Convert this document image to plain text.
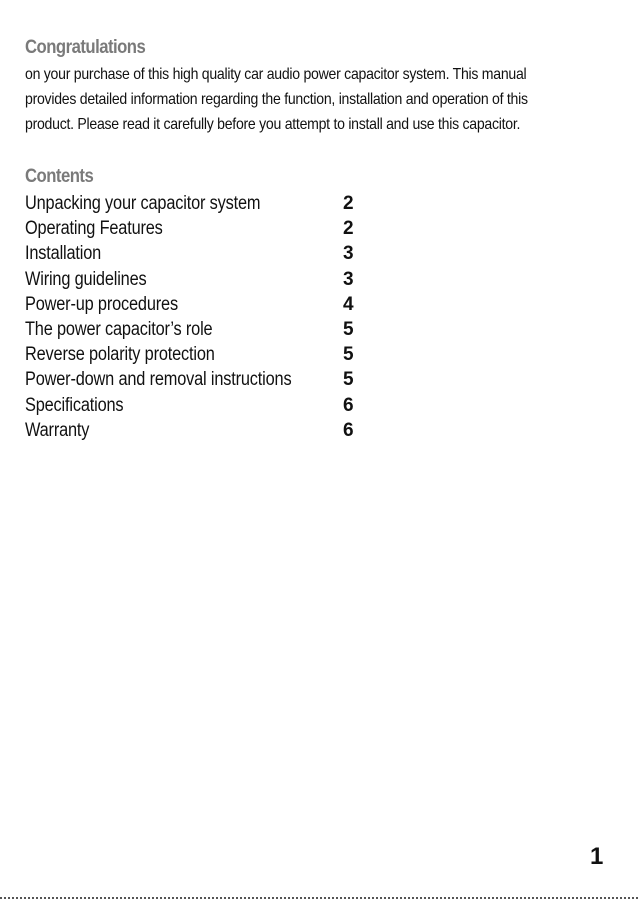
Congratulations

on your purchase of this high quality car audio power capacitor system. This manual
provides detailed information regarding the function, installation and operation of this
product. Please read it carefully before you attempt to install and use this capacitor.

Contents
Unpacking your capacitor system	2
Operating Features	2
Installation	3
Wiring guidelines	3
Power-up procedures	4
The power capacitor’s role	5
Reverse polarity protection	5
Power-down and removal instructions	5
Specifications	6
Warranty	6
1
